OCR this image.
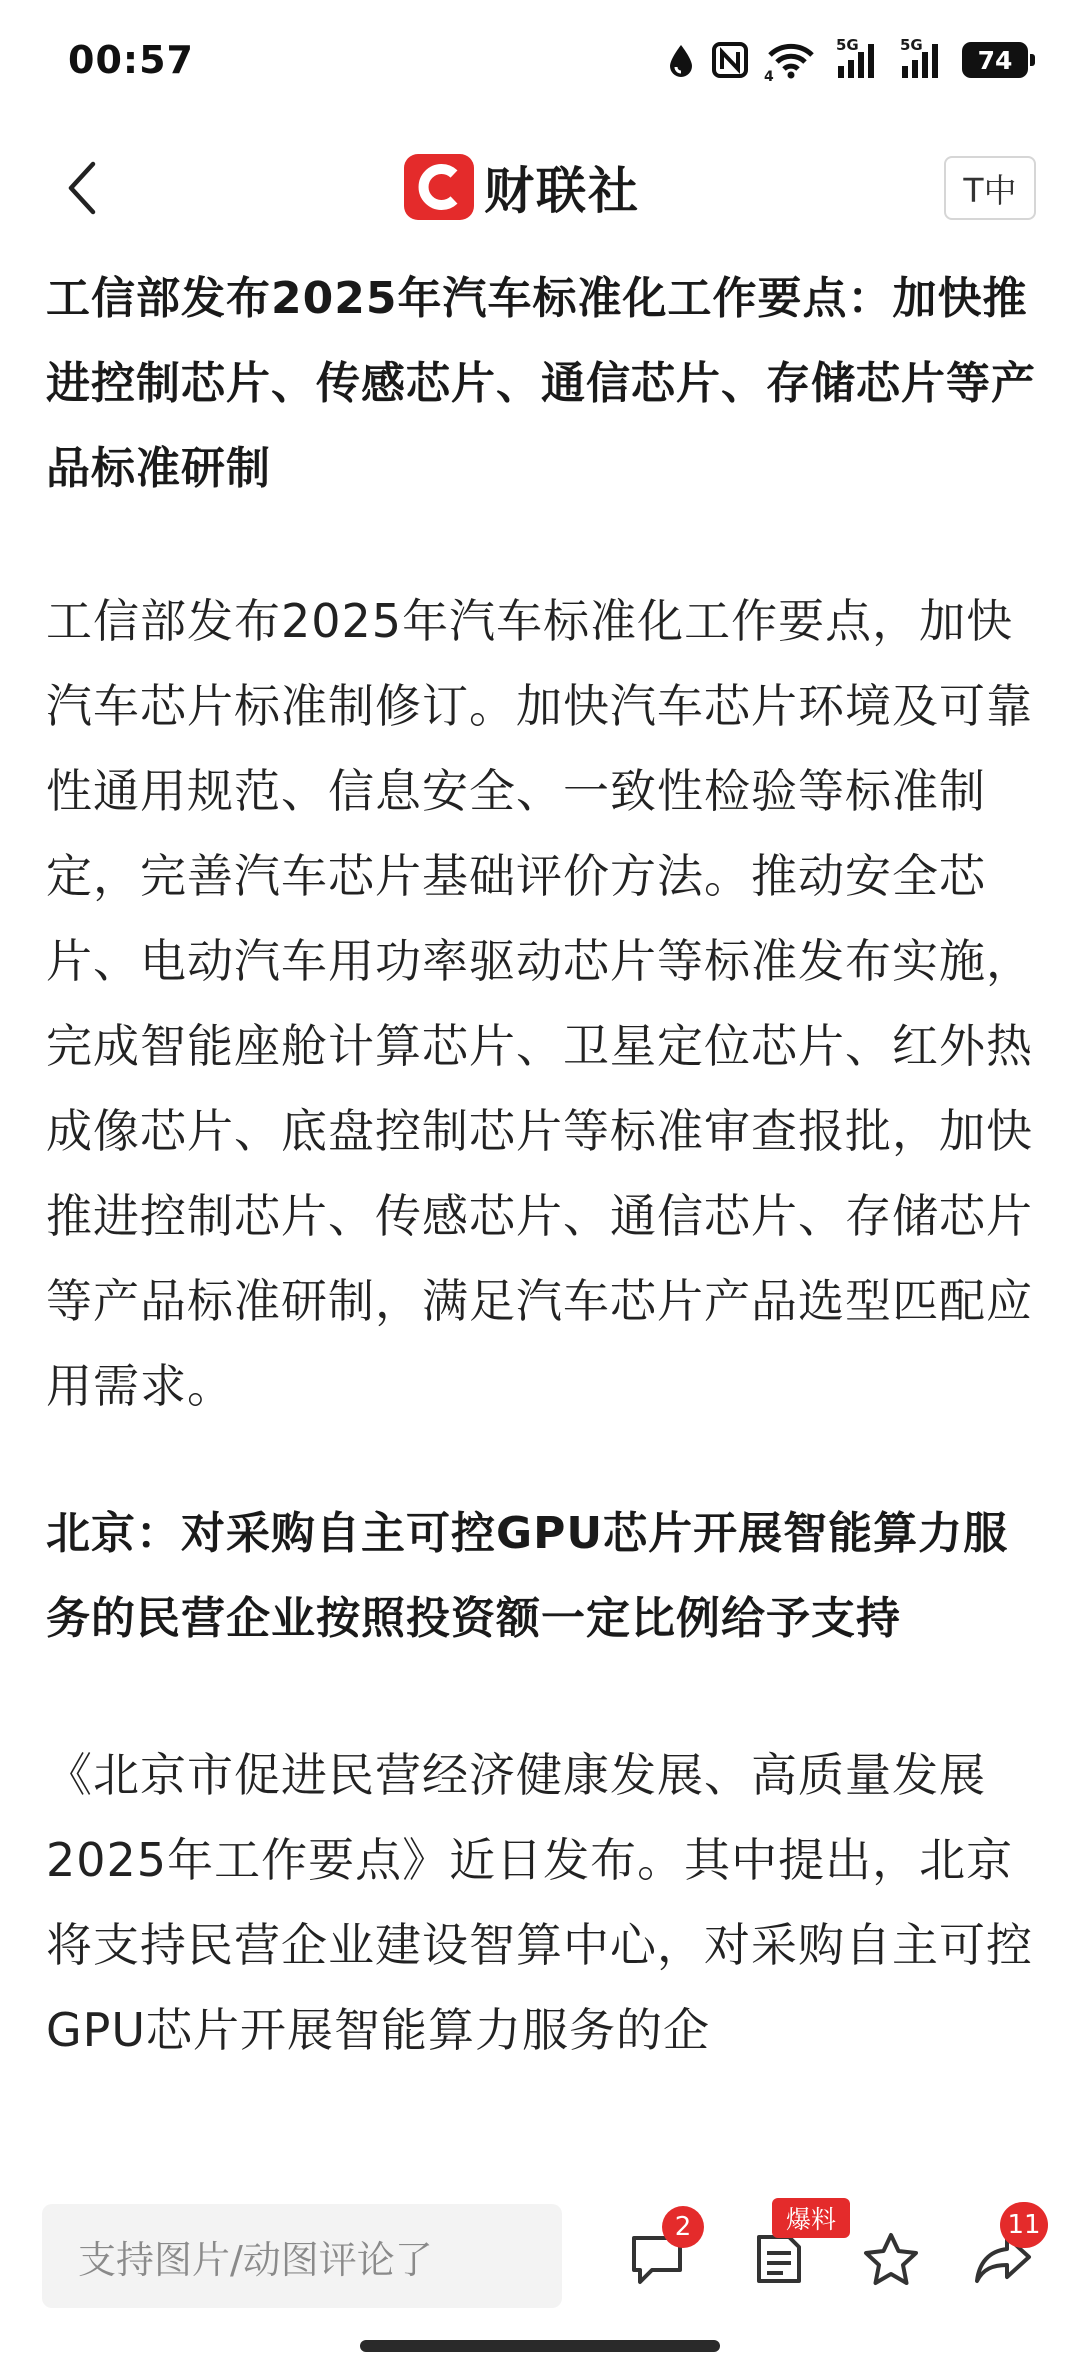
00:57	4
5G	5G
74
财联社	T中
工信部发布2025年汽车标准化工作要点：加快推进控制芯片、传感芯片、通信芯片、存储芯片等产品标准研制
工信部发布2025年汽车标准化工作要点，加快汽车芯片标准制修订。加快汽车芯片环境及可靠性通用规范、信息安全、一致性检验等标准制定，完善汽车芯片基础评价方法。推动安全芯片、电动汽车用功率驱动芯片等标准发布实施，完成智能座舱计算芯片、卫星定位芯片、红外热成像芯片、底盘控制芯片等标准审查报批，加快推进控制芯片、传感芯片、通信芯片、存储芯片等产品标准研制，满足汽车芯片产品选型匹配应用需求。
北京：对采购自主可控GPU芯片开展智能算力服务的民营企业按照投资额一定比例给予支持
《北京市促进民营经济健康发展、高质量发展2025年工作要点》近日发布。其中提出，北京将支持民营企业建设智算中心，对采购自主可控GPU芯片开展智能算力服务的企
支持图片/动图评论了
2	爆料	11
